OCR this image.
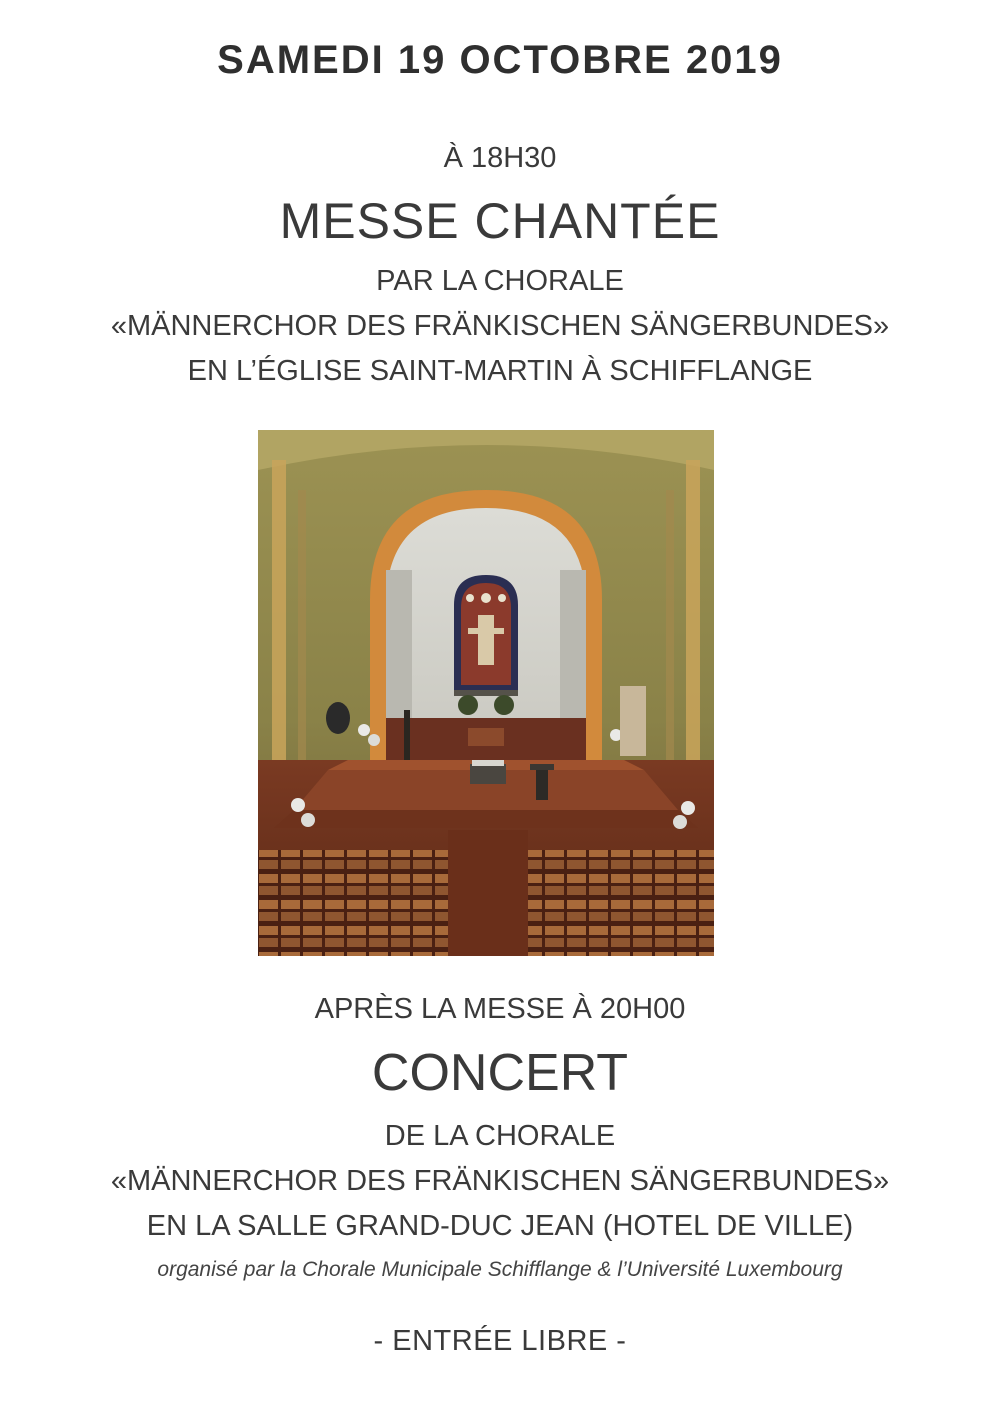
SAMEDI 19 OCTOBRE 2019
À 18H30
MESSE CHANTÉE
PAR LA CHORALE
«MÄNNERCHOR DES FRÄNKISCHEN SÄNGERBUNDES»
EN L’ÉGLISE SAINT-MARTIN À SCHIFFLANGE
APRÈS LA MESSE À 20H00
CONCERT
DE LA CHORALE
«MÄNNERCHOR DES FRÄNKISCHEN SÄNGERBUNDES»
EN LA SALLE GRAND-DUC JEAN (HOTEL DE VILLE)
organisé par la Chorale Municipale Schifflange & l’Université Luxembourg
- ENTRÉE LIBRE -
